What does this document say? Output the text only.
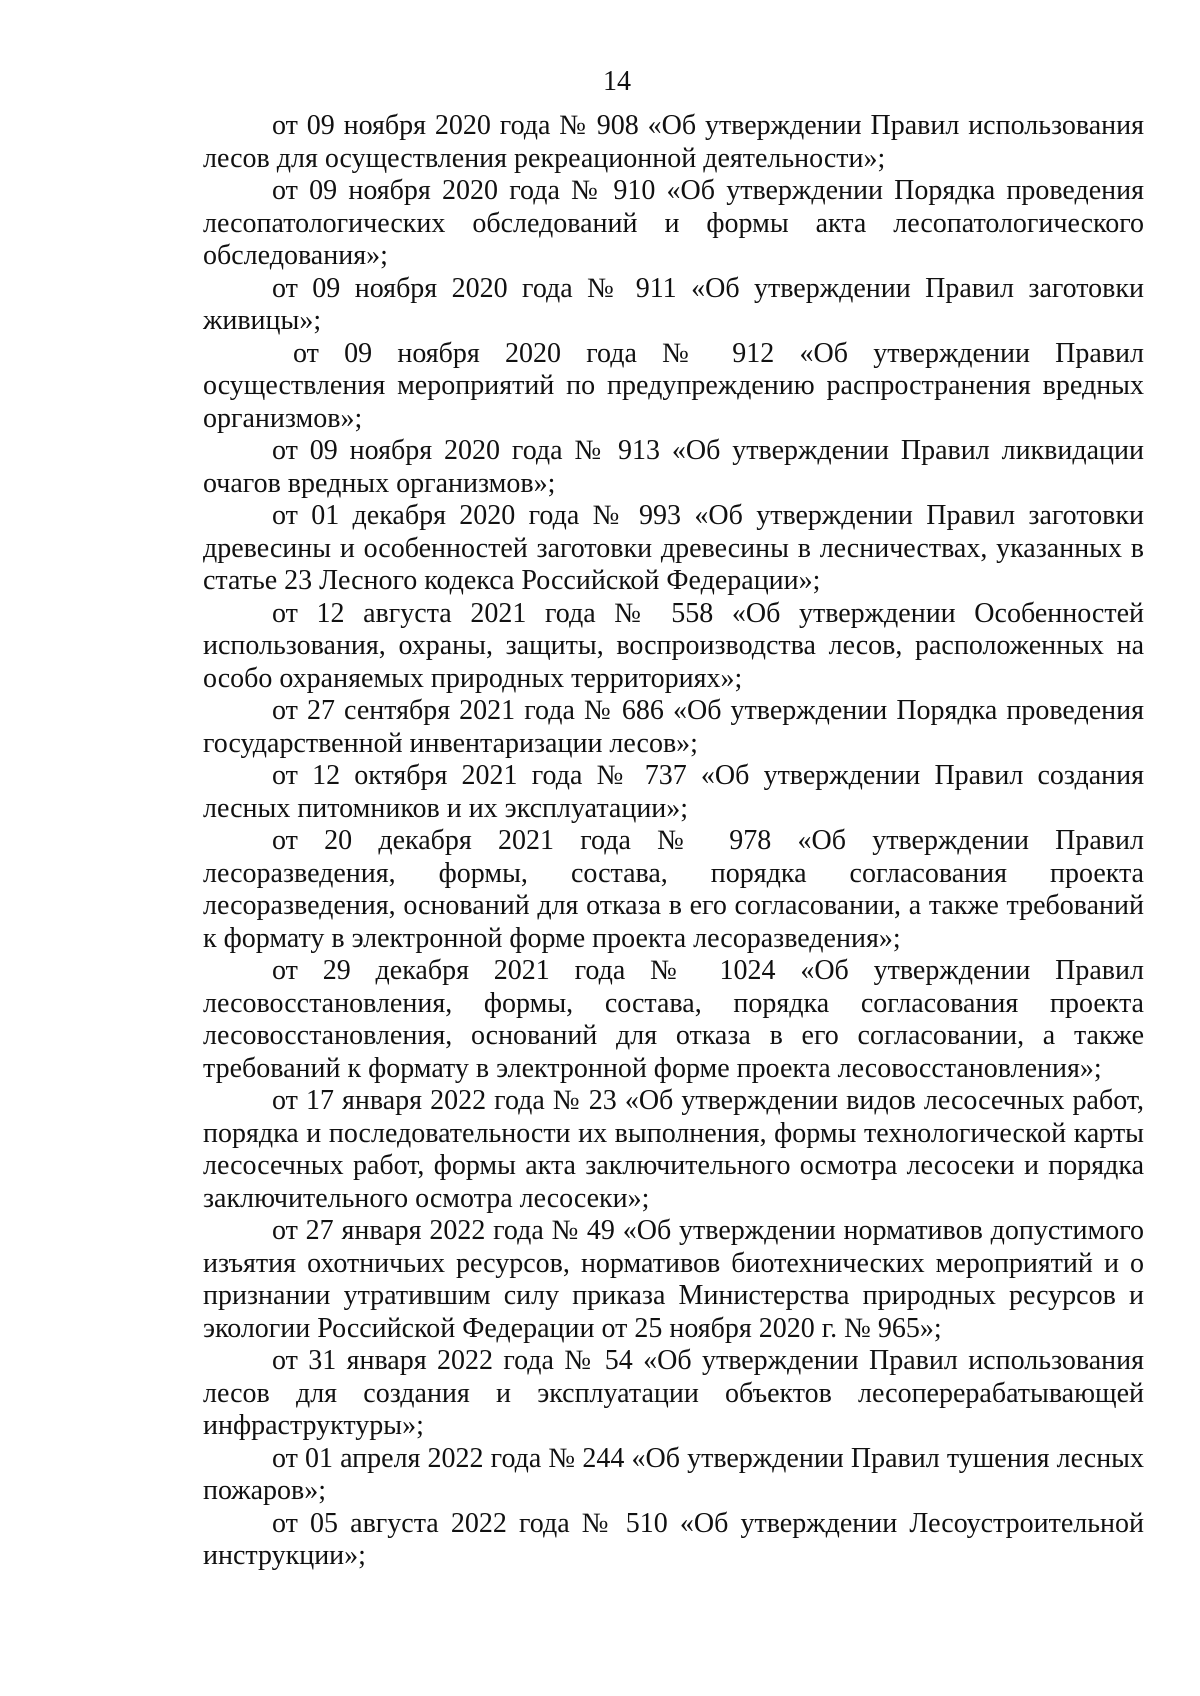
14

от 09 ноября 2020 года № 908 «Об утверждении Правил использования лесов для осуществления рекреационной деятельности»;

от 09 ноября 2020 года № 910 «Об утверждении Порядка проведения лесопатологических обследований и формы акта лесопатологического обследования»;

от 09 ноября 2020 года № 911 «Об утверждении Правил заготовки живицы»;

от 09 ноября 2020 года № 912 «Об утверждении Правил осуществления мероприятий по предупреждению распространения вредных организмов»;

от 09 ноября 2020 года № 913 «Об утверждении Правил ликвидации очагов вредных организмов»;

от 01 декабря 2020 года № 993 «Об утверждении Правил заготовки древесины и особенностей заготовки древесины в лесничествах, указанных в статье 23 Лесного кодекса Российской Федерации»;

от 12 августа 2021 года № 558 «Об утверждении Особенностей использования, охраны, защиты, воспроизводства лесов, расположенных на особо охраняемых природных территориях»;

от 27 сентября 2021 года № 686 «Об утверждении Порядка проведения государственной инвентаризации лесов»;

от 12 октября 2021 года № 737 «Об утверждении Правил создания лесных питомников и их эксплуатации»;

от 20 декабря 2021 года № 978 «Об утверждении Правил лесоразведения, формы, состава, порядка согласования проекта лесоразведения, оснований для отказа в его согласовании, а также требований к формату в электронной форме проекта лесоразведения»;

от 29 декабря 2021 года № 1024 «Об утверждении Правил лесовосстановления, формы, состава, порядка согласования проекта лесовосстановления, оснований для отказа в его согласовании, а также требований к формату в электронной форме проекта лесовосстановления»;

от 17 января 2022 года № 23 «Об утверждении видов лесосечных работ, порядка и последовательности их выполнения, формы технологической карты лесосечных работ, формы акта заключительного осмотра лесосеки и порядка заключительного осмотра лесосеки»;

от 27 января 2022 года № 49 «Об утверждении нормативов допустимого изъятия охотничьих ресурсов, нормативов биотехнических мероприятий и о признании утратившим силу приказа Министерства природных ресурсов и экологии Российской Федерации от 25 ноября 2020 г. № 965»;

от 31 января 2022 года № 54 «Об утверждении Правил использования лесов для создания и эксплуатации объектов лесоперерабатывающей инфраструктуры»;

от 01 апреля 2022 года № 244 «Об утверждении Правил тушения лесных пожаров»;

от 05 августа 2022 года № 510 «Об утверждении Лесоустроительной инструкции»;
